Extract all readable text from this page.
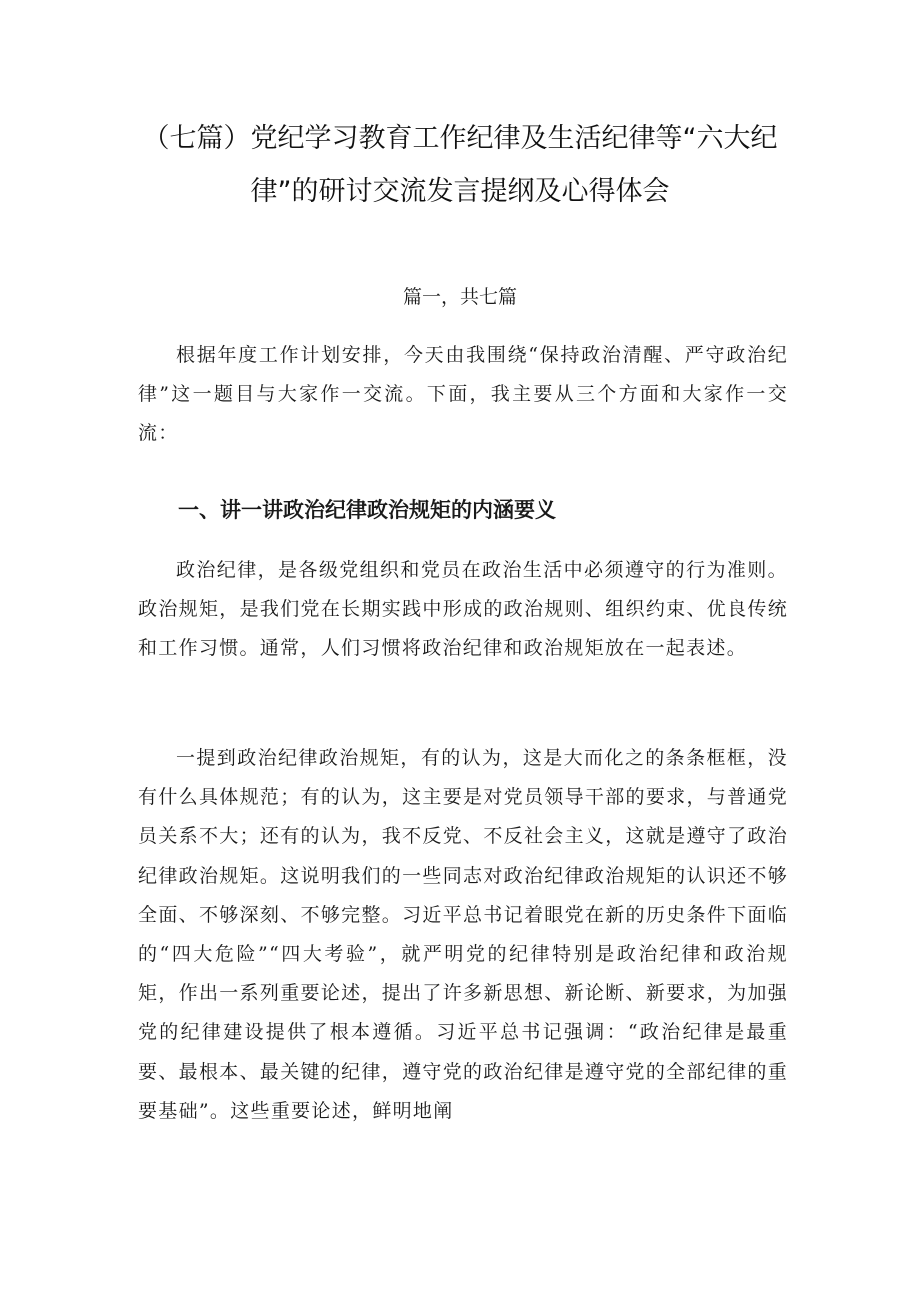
（七篇）党纪学习教育工作纪律及生活纪律等“六大纪律”的研讨交流发言提纲及心得体会
篇一，共七篇

根据年度工作计划安排，今天由我围绕“保持政治清醒、严守政治纪律”这一题目与大家作一交流。下面，我主要从三个方面和大家作一交流：

一、讲一讲政治纪律政治规矩的内涵要义

政治纪律，是各级党组织和党员在政治生活中必须遵守的行为准则。政治规矩，是我们党在长期实践中形成的政治规则、组织约束、优良传统和工作习惯。通常，人们习惯将政治纪律和政治规矩放在一起表述。

一提到政治纪律政治规矩，有的认为，这是大而化之的条条框框，没有什么具体规范；有的认为，这主要是对党员领导干部的要求，与普通党员关系不大；还有的认为，我不反党、不反社会主义，这就是遵守了政治纪律政治规矩。这说明我们的一些同志对政治纪律政治规矩的认识还不够全面、不够深刻、不够完整。习近平总书记着眼党在新的历史条件下面临的“四大危险”“四大考验”，就严明党的纪律特别是政治纪律和政治规矩，作出一系列重要论述，提出了许多新思想、新论断、新要求，为加强党的纪律建设提供了根本遵循。习近平总书记强调：“政治纪律是最重要、最根本、最关键的纪律，遵守党的政治纪律是遵守党的全部纪律的重要基础”。这些重要论述，鲜明地阐
